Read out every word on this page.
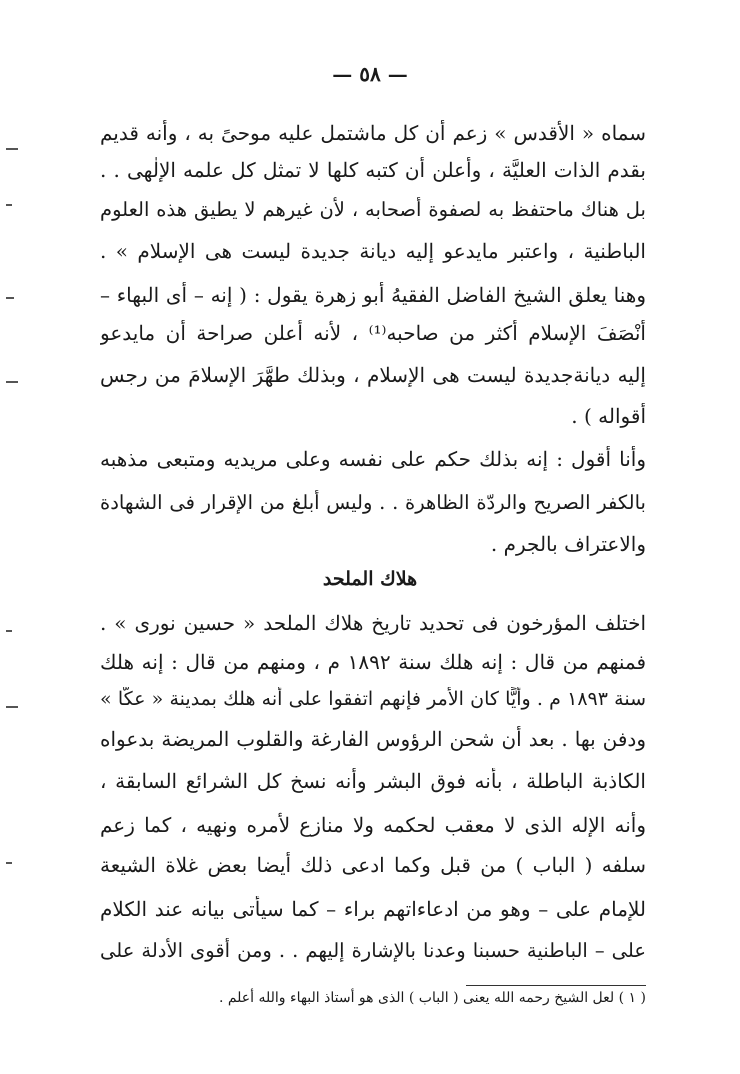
— ٥٨ —
سماه « الأقدس » زعم أن كل ماشتمل عليه موحىً به ، وأنه قديم
بقدم الذات العليَّة ، وأعلن أن كتبه كلها لا تمثل كل علمه الإلٰهى . .
بل هناك ماحتفظ به لصفوة أصحابه ، لأن غيرهم لا يطيق هذه العلوم
الباطنية ، واعتبر مايدعو إليه ديانة جديدة ليست هى الإسلام » .
وهنا يعلق الشيخ الفاضل الفقيهُ أبو زهرة يقول : ( إنه – أى البهاء –
أنْصَفَ الإسلام أكثر من صاحبه⁽¹⁾ ، لأنه أعلن صراحة أن مايدعو
إليه ديانةجديدة ليست هى الإسلام ، وبذلك طهَّرَ الإسلامَ من رجس
أقواله ) .
وأنا أقول : إنه بذلك حكم على نفسه وعلى مريديه ومتبعى مذهبه
بالكفر الصريح والردّة الظاهرة . . وليس أبلغ من الإقرار فى الشهادة
والاعتراف بالجرم .
هلاك الملحد
اختلف المؤرخون فى تحديد تاريخ هلاك الملحد « حسين نورى » .
فمنهم من قال : إنه هلك سنة ١٨٩٢ م ، ومنهم من قال : إنه هلك
سنة ١٨٩٣ م . وأيًّا كان الأمر فإنهم اتفقوا على أنه هلك بمدينة « عكًّا »
ودفن بها . بعد أن شحن الرؤوس الفارغة والقلوب المريضة بدعواه
الكاذبة الباطلة ، بأنه فوق البشر وأنه نسخ كل الشرائع السابقة ،
وأنه الإله الذى لا معقب لحكمه ولا منازع لأمره ونهيه ، كما زعم
سلفه ( الباب ) من قبل وكما ادعى ذلك أيضا بعض غلاة الشيعة
للإمام على – وهو من ادعاءاتهم براء – كما سيأتى بيانه عند الكلام
على – الباطنية حسبنا وعدنا بالإشارة إليهم . . ومن أقوى الأدلة على
( ١ ) لعل الشيخ رحمه الله يعنى ( الباب ) الذى هو أستاذ البهاء والله أعلم .
